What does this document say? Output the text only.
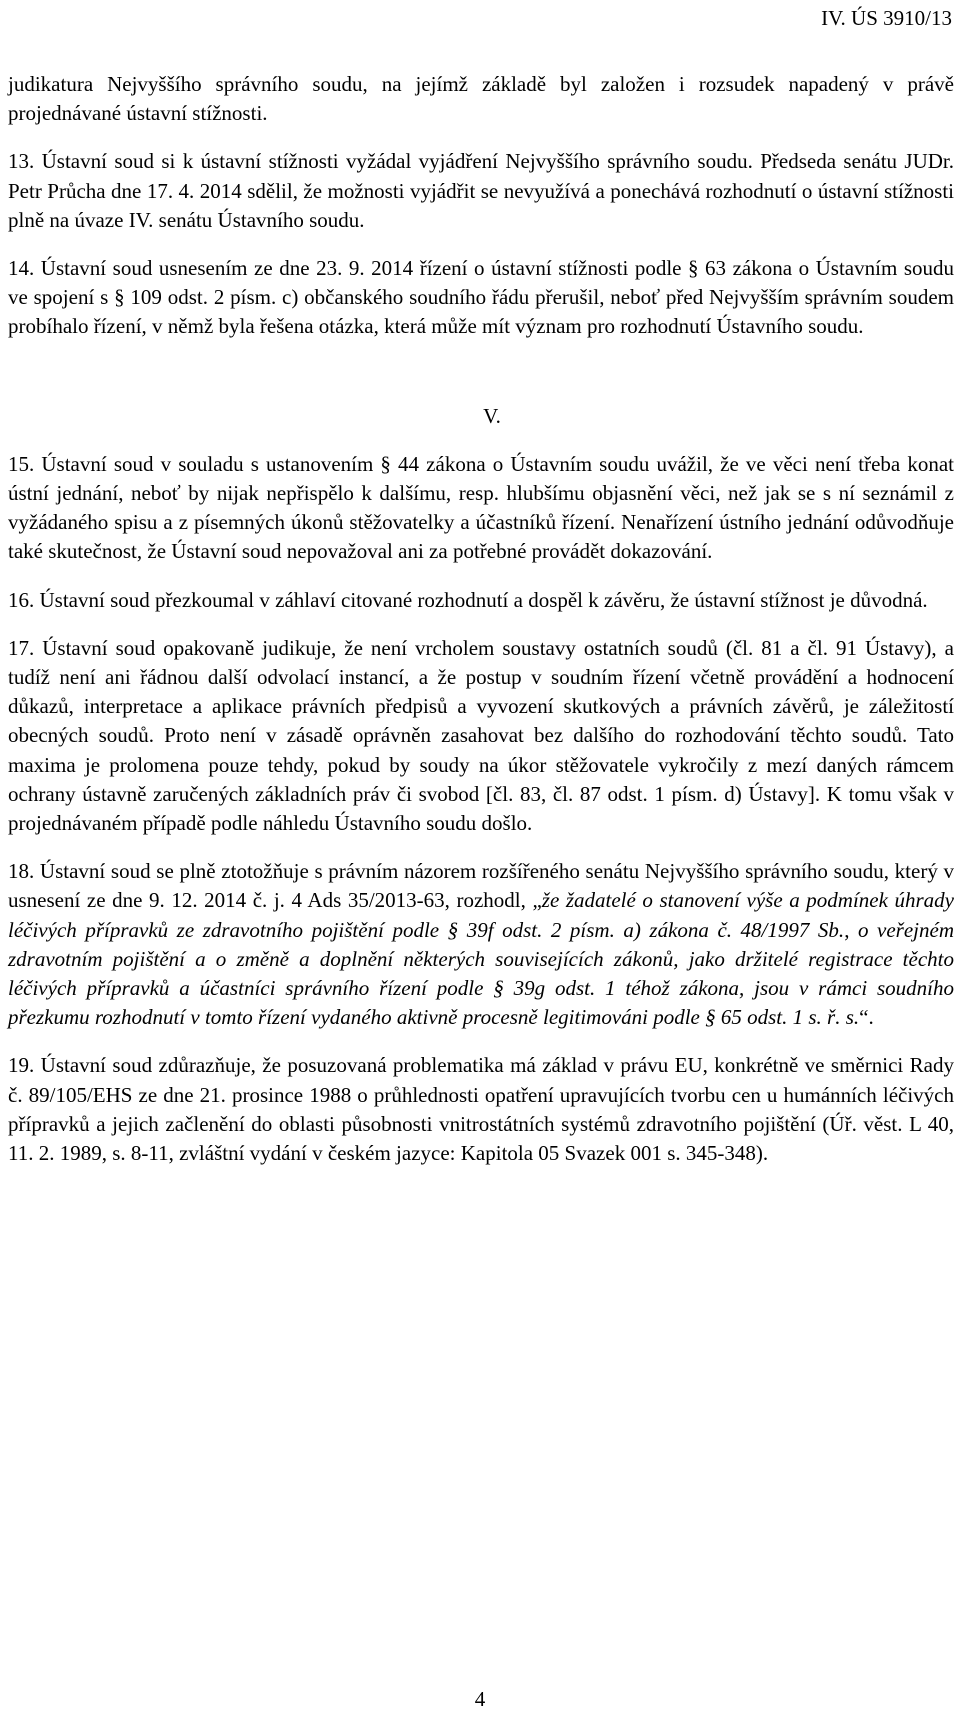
IV. ÚS 3910/13

judikatura Nejvyššího správního soudu, na jejímž základě byl založen i rozsudek napadený v právě projednávané ústavní stížnosti.

13. Ústavní soud si k ústavní stížnosti vyžádal vyjádření Nejvyššího správního soudu. Předseda senátu JUDr. Petr Průcha dne 17. 4. 2014 sdělil, že možnosti vyjádřit se nevyužívá a ponechává rozhodnutí o ústavní stížnosti plně na úvaze IV. senátu Ústavního soudu.

14. Ústavní soud usnesením ze dne 23. 9. 2014 řízení o ústavní stížnosti podle § 63 zákona o Ústavním soudu ve spojení s § 109 odst. 2 písm. c) občanského soudního řádu přerušil, neboť před Nejvyšším správním soudem probíhalo řízení, v němž byla řešena otázka, která může mít význam pro rozhodnutí Ústavního soudu.

V.

15. Ústavní soud v souladu s ustanovením § 44 zákona o Ústavním soudu uvážil, že ve věci není třeba konat ústní jednání, neboť by nijak nepřispělo k dalšímu, resp. hlubšímu objasnění věci, než jak se s ní seznámil z vyžádaného spisu a z písemných úkonů stěžovatelky a účastníků řízení. Nenařízení ústního jednání odůvodňuje také skutečnost, že Ústavní soud nepovažoval ani za potřebné provádět dokazování.

16. Ústavní soud přezkoumal v záhlaví citované rozhodnutí a dospěl k závěru, že ústavní stížnost je důvodná.

17. Ústavní soud opakovaně judikuje, že není vrcholem soustavy ostatních soudů (čl. 81 a čl. 91 Ústavy), a tudíž není ani řádnou další odvolací instancí, a že postup v soudním řízení včetně provádění a hodnocení důkazů, interpretace a aplikace právních předpisů a vyvození skutkových a právních závěrů, je záležitostí obecných soudů. Proto není v zásadě oprávněn zasahovat bez dalšího do rozhodování těchto soudů. Tato maxima je prolomena pouze tehdy, pokud by soudy na úkor stěžovatele vykročily z mezí daných rámcem ochrany ústavně zaručených základních práv či svobod [čl. 83, čl. 87 odst. 1 písm. d) Ústavy]. K tomu však v projednávaném případě podle náhledu Ústavního soudu došlo.

18. Ústavní soud se plně ztotožňuje s právním názorem rozšířeného senátu Nejvyššího správního soudu, který v usnesení ze dne 9. 12. 2014 č. j. 4 Ads 35/2013-63, rozhodl, „že žadatelé o stanovení výše a podmínek úhrady léčivých přípravků ze zdravotního pojištění podle § 39f odst. 2 písm. a) zákona č. 48/1997 Sb., o veřejném zdravotním pojištění a o změně a doplnění některých souvisejících zákonů, jako držitelé registrace těchto léčivých přípravků a účastníci správního řízení podle § 39g odst. 1 téhož zákona, jsou v rámci soudního přezkumu rozhodnutí v tomto řízení vydaného aktivně procesně legitimováni podle § 65 odst. 1 s. ř. s.“.

19. Ústavní soud zdůrazňuje, že posuzovaná problematika má základ v právu EU, konkrétně ve směrnici Rady č. 89/105/EHS ze dne 21. prosince 1988 o průhlednosti opatření upravujících tvorbu cen u humánních léčivých přípravků a jejich začlenění do oblasti působnosti vnitrostátních systémů zdravotního pojištění (Úř. věst. L 40, 11. 2. 1989, s. 8-11, zvláštní vydání v českém jazyce: Kapitola 05 Svazek 001 s. 345-348).

4
